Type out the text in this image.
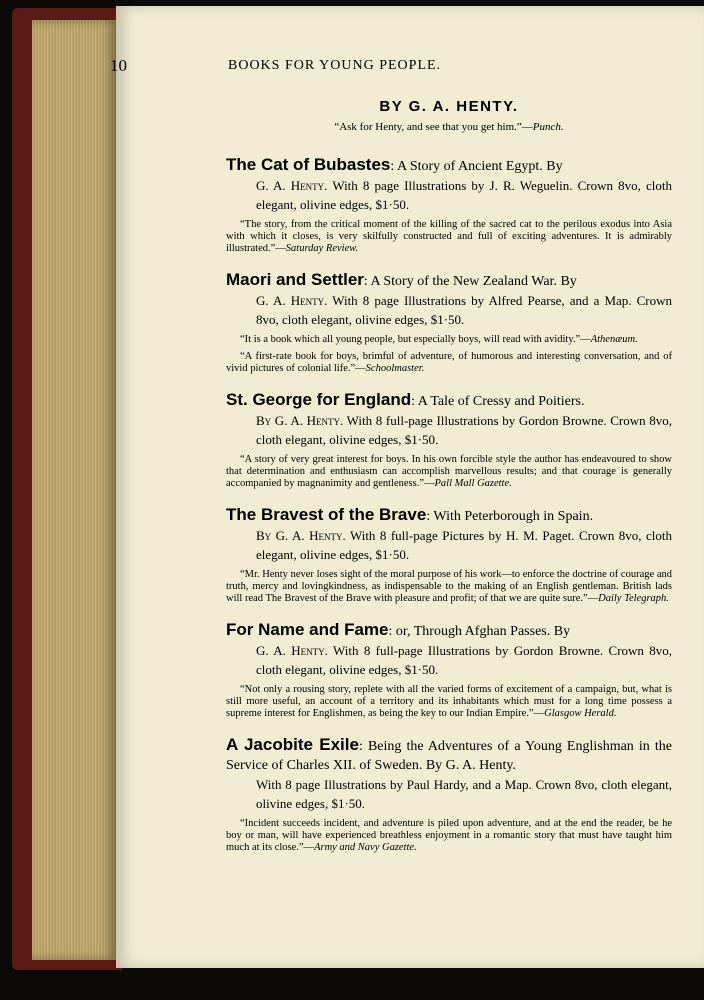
10	BOOKS FOR YOUNG PEOPLE.
BY G. A. HENTY.

“Ask for Henty, and see that you get him.”—Punch.

The Cat of Bubastes: A Story of Ancient Egypt. By

G. A. Henty. With 8 page Illustrations by J. R. Weguelin. Crown 8vo, cloth elegant, olivine edges, $1·50.

“The story, from the critical moment of the killing of the sacred cat to the perilous exodus into Asia with which it closes, is very skilfully constructed and full of exciting adventures. It is admirably illustrated.”—Saturday Review.

Maori and Settler: A Story of the New Zealand War. By

G. A. Henty. With 8 page Illustrations by Alfred Pearse, and a Map. Crown 8vo, cloth elegant, olivine edges, $1·50.

“It is a book which all young people, but especially boys, will read with avidity.”—Athenæum.

“A first-rate book for boys, brimful of adventure, of humorous and interesting conversation, and of vivid pictures of colonial life.”—Schoolmaster.

St. George for England: A Tale of Cressy and Poitiers.

By G. A. Henty. With 8 full-page Illustrations by Gordon Browne. Crown 8vo, cloth elegant, olivine edges, $1·50.

“A story of very great interest for boys. In his own forcible style the author has endeavoured to show that determination and enthusiasm can accomplish marvellous results; and that courage is generally accompanied by magnanimity and gentleness.”—Pall Mall Gazette.

The Bravest of the Brave: With Peterborough in Spain.

By G. A. Henty. With 8 full-page Pictures by H. M. Paget. Crown 8vo, cloth elegant, olivine edges, $1·50.

“Mr. Henty never loses sight of the moral purpose of his work—to enforce the doctrine of courage and truth, mercy and lovingkindness, as indispensable to the making of an English gentleman. British lads will read The Bravest of the Brave with pleasure and profit; of that we are quite sure.”—Daily Telegraph.

For Name and Fame: or, Through Afghan Passes. By

G. A. Henty. With 8 full-page Illustrations by Gordon Browne. Crown 8vo, cloth elegant, olivine edges, $1·50.

“Not only a rousing story, replete with all the varied forms of excitement of a campaign, but, what is still more useful, an account of a territory and its inhabitants which must for a long time possess a supreme interest for Englishmen, as being the key to our Indian Empire.”—Glasgow Herald.

A Jacobite Exile: Being the Adventures of a Young Englishman in the Service of Charles XII. of Sweden. By G. A. Henty.

With 8 page Illustrations by Paul Hardy, and a Map. Crown 8vo, cloth elegant, olivine edges, $1·50.

“Incident succeeds incident, and adventure is piled upon adventure, and at the end the reader, be he boy or man, will have experienced breathless enjoyment in a romantic story that must have taught him much at its close.”—Army and Navy Gazette.
